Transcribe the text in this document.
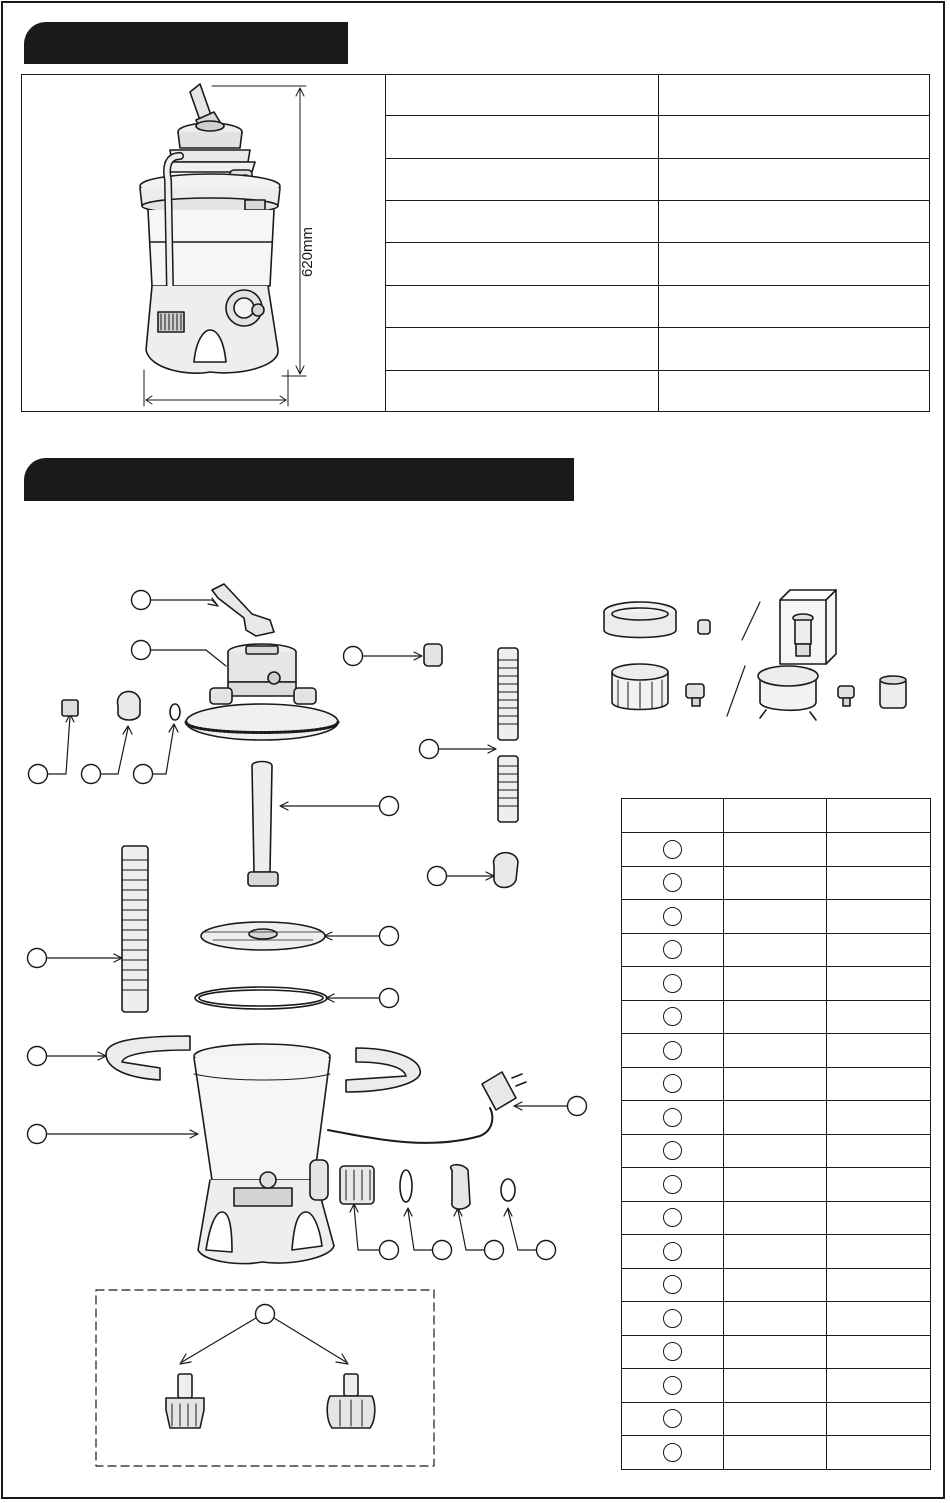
620mm
